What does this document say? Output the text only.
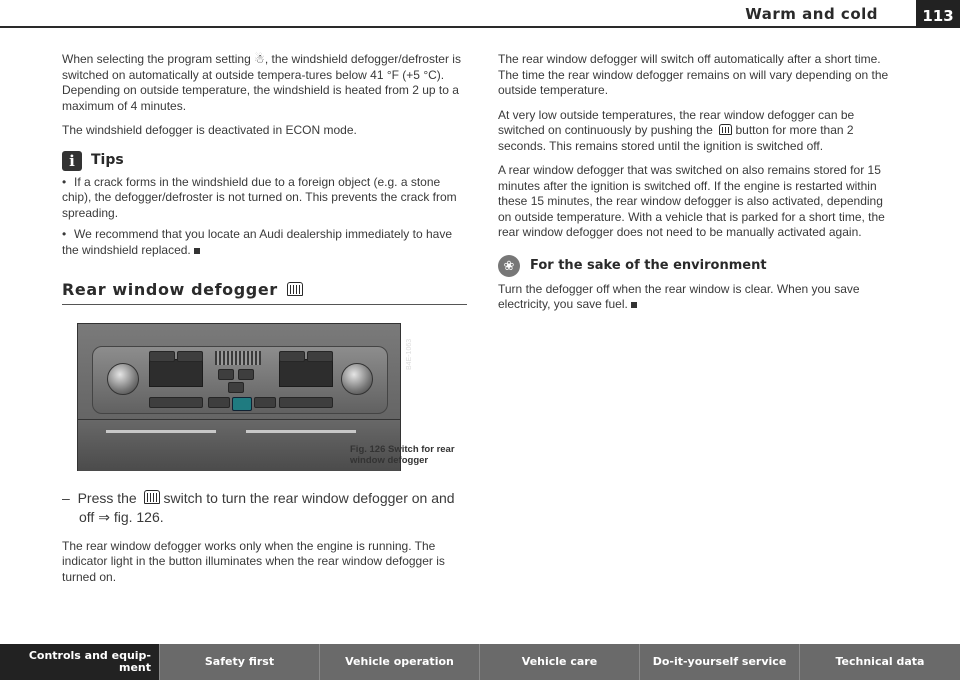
Warm and cold	113

When selecting the program setting ☃, the windshield defogger/defroster is switched on automatically at outside tempera-tures below 41 °F (+5 °C). Depending on outside temperature, the windshield is heated from 2 up to a maximum of 4 minutes.

The windshield defogger is deactivated in ECON mode.

i	Tips
• If a crack forms in the windshield due to a foreign object (e.g. a stone chip), the defogger/defroster is not turned on. This prevents the crack from spreading.
• We recommend that you locate an Audi dealership immediately to have the windshield replaced.
Rear window defogger
B4E-1063
Fig. 126 Switch for rear window defogger
– Press the switch to turn the rear window defogger on and off ⇒ fig. 126.

The rear window defogger works only when the engine is running. The indicator light in the button illuminates when the rear window defogger is turned on.

The rear window defogger will switch off automatically after a short time. The time the rear window defogger remains on will vary depending on the outside temperature.

At very low outside temperatures, the rear window defogger can be switched on continuously by pushing the button for more than 2 seconds. This remains stored until the ignition is switched off.

A rear window defogger that was switched on also remains stored for 15 minutes after the ignition is switched off. If the engine is restarted within these 15 minutes, the rear window defogger is also activated, depending on outside temperature. With a vehicle that is parked for a short time, the rear window defogger does not need to be manually activated again.

❀	For the sake of the environment

Turn the defogger off when the rear window is clear. When you save electricity, you save fuel.

Controls and equip-ment	Safety first	Vehicle operation	Vehicle care	Do-it-yourself service	Technical data
